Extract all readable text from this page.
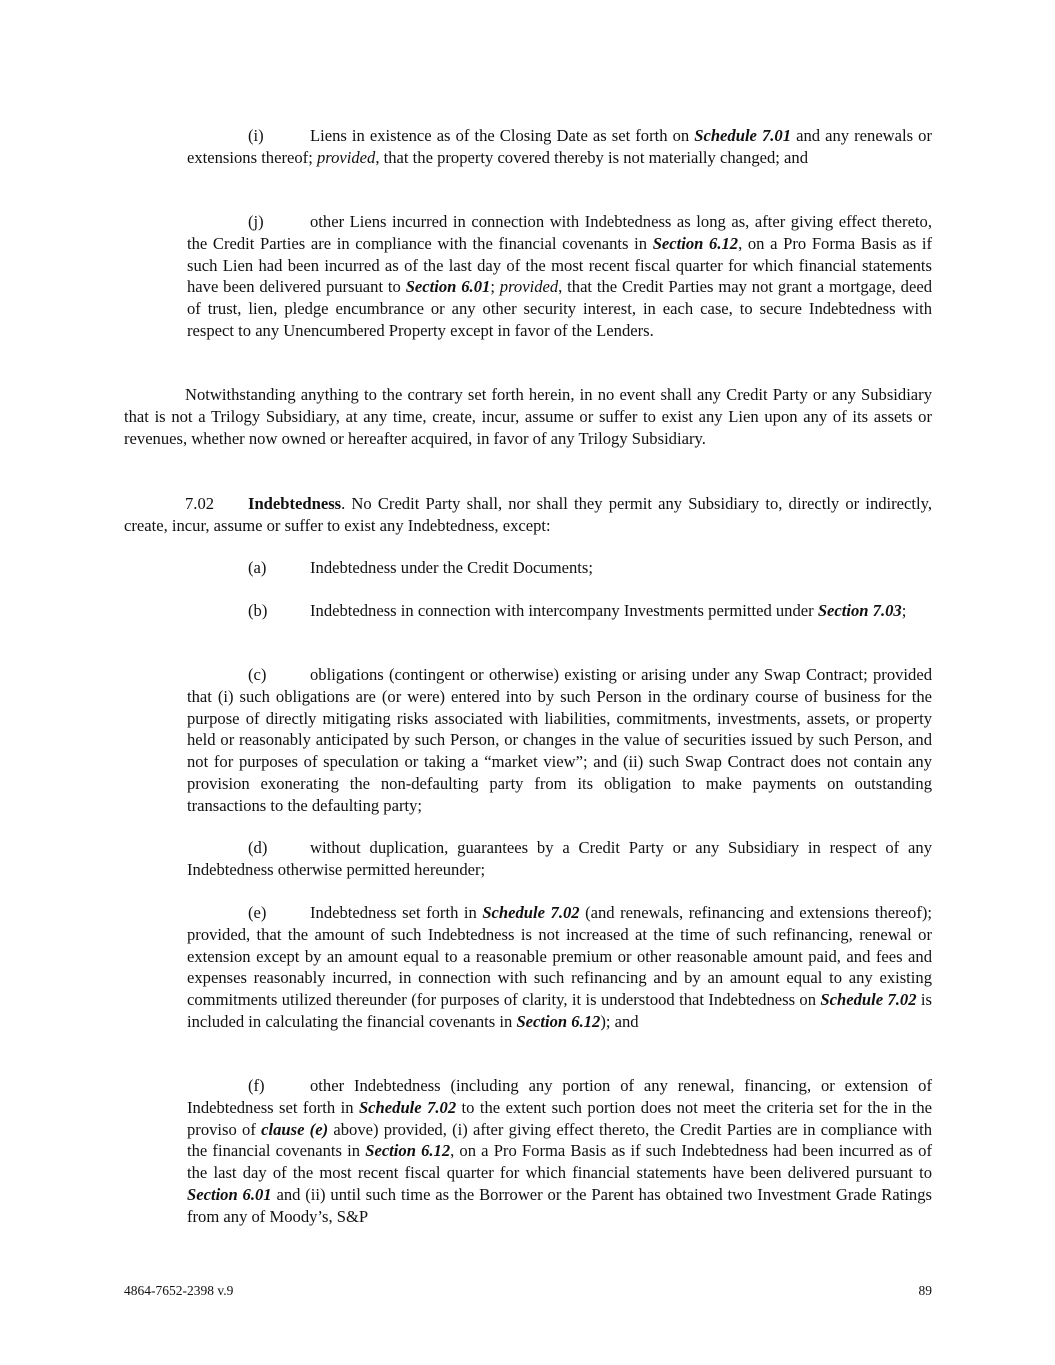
(i)	Liens in existence as of the Closing Date as set forth on Schedule 7.01 and any renewals or extensions thereof; provided, that the property covered thereby is not materially changed; and

(j)	other Liens incurred in connection with Indebtedness as long as, after giving effect thereto, the Credit Parties are in compliance with the financial covenants in Section 6.12, on a Pro Forma Basis as if such Lien had been incurred as of the last day of the most recent fiscal quarter for which financial statements have been delivered pursuant to Section 6.01; provided, that the Credit Parties may not grant a mortgage, deed of trust, lien, pledge encumbrance or any other security interest, in each case, to secure Indebtedness with respect to any Unencumbered Property except in favor of the Lenders.

Notwithstanding anything to the contrary set forth herein, in no event shall any Credit Party or any Subsidiary that is not a Trilogy Subsidiary, at any time, create, incur, assume or suffer to exist any Lien upon any of its assets or revenues, whether now owned or hereafter acquired, in favor of any Trilogy Subsidiary.

7.02 Indebtedness. No Credit Party shall, nor shall they permit any Subsidiary to, directly or indirectly, create, incur, assume or suffer to exist any Indebtedness, except:

(a)	Indebtedness under the Credit Documents;

(b)	Indebtedness in connection with intercompany Investments permitted under Section 7.03;

(c)	obligations (contingent or otherwise) existing or arising under any Swap Contract; provided that (i) such obligations are (or were) entered into by such Person in the ordinary course of business for the purpose of directly mitigating risks associated with liabilities, commitments, investments, assets, or property held or reasonably anticipated by such Person, or changes in the value of securities issued by such Person, and not for purposes of speculation or taking a “market view”; and (ii) such Swap Contract does not contain any provision exonerating the non-defaulting party from its obligation to make payments on outstanding transactions to the defaulting party;

(d)	without duplication, guarantees by a Credit Party or any Subsidiary in respect of any Indebtedness otherwise permitted hereunder;

(e)	Indebtedness set forth in Schedule 7.02 (and renewals, refinancing and extensions thereof); provided, that the amount of such Indebtedness is not increased at the time of such refinancing, renewal or extension except by an amount equal to a reasonable premium or other reasonable amount paid, and fees and expenses reasonably incurred, in connection with such refinancing and by an amount equal to any existing commitments utilized thereunder (for purposes of clarity, it is understood that Indebtedness on Schedule 7.02 is included in calculating the financial covenants in Section 6.12); and

(f)	other Indebtedness (including any portion of any renewal, financing, or extension of Indebtedness set forth in Schedule 7.02 to the extent such portion does not meet the criteria set for the in the proviso of clause (e) above) provided, (i) after giving effect thereto, the Credit Parties are in compliance with the financial covenants in Section 6.12, on a Pro Forma Basis as if such Indebtedness had been incurred as of the last day of the most recent fiscal quarter for which financial statements have been delivered pursuant to Section 6.01 and (ii) until such time as the Borrower or the Parent has obtained two Investment Grade Ratings from any of Moody’s, S&P

4864-7652-2398 v.9	89
